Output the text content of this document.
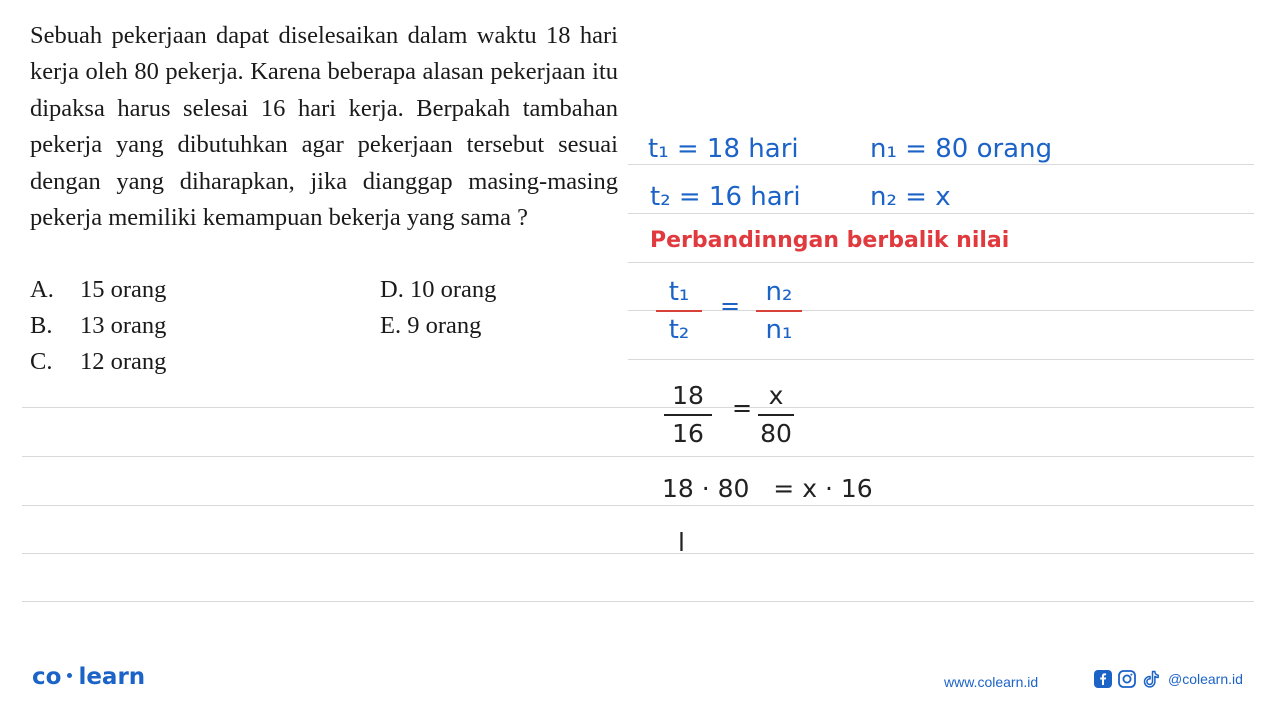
Sebuah pekerjaan dapat diselesaikan dalam waktu 18 hari kerja oleh 80 pekerja. Karena beberapa alasan pekerjaan itu dipaksa harus selesai 16 hari kerja. Berpakah tambahan pekerja yang dibutuhkan agar pekerjaan tersebut sesuai dengan yang diharapkan, jika dianggap masing-masing pekerja memiliki kemampuan bekerja yang sama ?
A. 15 orang
B. 13 orang
C. 12 orang
D. 10 orang
E. 9 orang
t₁ = 18 hari	n₁ = 80 orang
t₂ = 16 hari	n₂ = x
Perbandinngan berbalik nilai
t₁
t₂
= n₂
n₁
18
16
= x
80
18 · 80   = x · 16
l
co learn	www.colearn.id	@colearn.id
